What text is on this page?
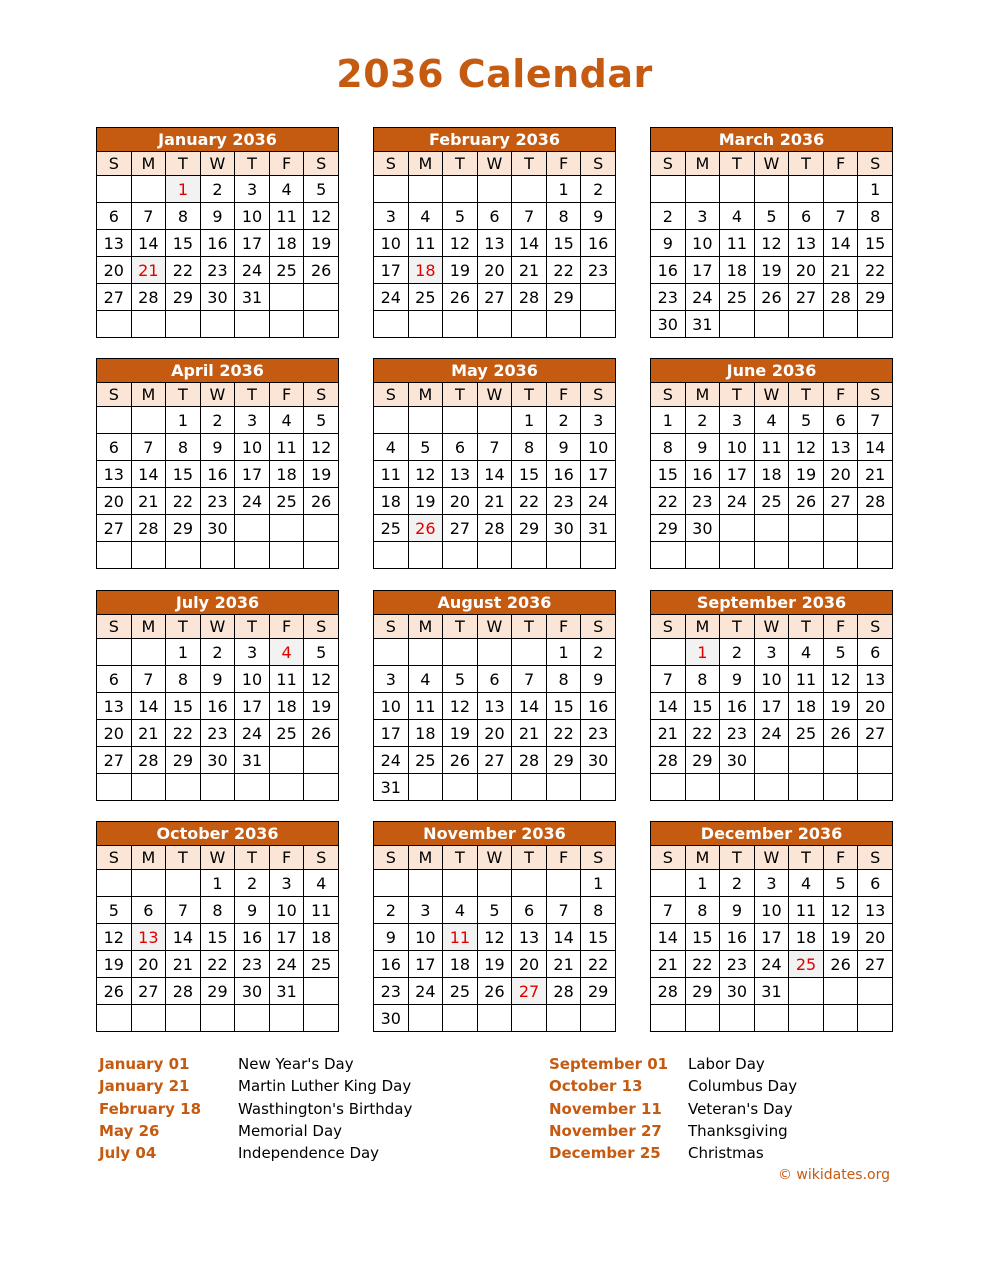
2036 Calendar
January 2036						
S	M	T	W	T	F	S
		1	2	3	4	5
6	7	8	9	10	11	12
13	14	15	16	17	18	19
20	21	22	23	24	25	26
27	28	29	30	31		

February 2036						
S	M	T	W	T	F	S
					1	2
3	4	5	6	7	8	9
10	11	12	13	14	15	16
17	18	19	20	21	22	23
24	25	26	27	28	29	

March 2036						
S	M	T	W	T	F	S
						1
2	3	4	5	6	7	8
9	10	11	12	13	14	15
16	17	18	19	20	21	22
23	24	25	26	27	28	29
30	31					
April 2036						
S	M	T	W	T	F	S
		1	2	3	4	5
6	7	8	9	10	11	12
13	14	15	16	17	18	19
20	21	22	23	24	25	26
27	28	29	30			

May 2036						
S	M	T	W	T	F	S
				1	2	3
4	5	6	7	8	9	10
11	12	13	14	15	16	17
18	19	20	21	22	23	24
25	26	27	28	29	30	31

June 2036						
S	M	T	W	T	F	S
1	2	3	4	5	6	7
8	9	10	11	12	13	14
15	16	17	18	19	20	21
22	23	24	25	26	27	28
29	30					

July 2036						
S	M	T	W	T	F	S
		1	2	3	4	5
6	7	8	9	10	11	12
13	14	15	16	17	18	19
20	21	22	23	24	25	26
27	28	29	30	31		

August 2036						
S	M	T	W	T	F	S
					1	2
3	4	5	6	7	8	9
10	11	12	13	14	15	16
17	18	19	20	21	22	23
24	25	26	27	28	29	30
31						
September 2036						
S	M	T	W	T	F	S
	1	2	3	4	5	6
7	8	9	10	11	12	13
14	15	16	17	18	19	20
21	22	23	24	25	26	27
28	29	30				

October 2036						
S	M	T	W	T	F	S
			1	2	3	4
5	6	7	8	9	10	11
12	13	14	15	16	17	18
19	20	21	22	23	24	25
26	27	28	29	30	31	

November 2036						
S	M	T	W	T	F	S
						1
2	3	4	5	6	7	8
9	10	11	12	13	14	15
16	17	18	19	20	21	22
23	24	25	26	27	28	29
30						
December 2036						
S	M	T	W	T	F	S
	1	2	3	4	5	6
7	8	9	10	11	12	13
14	15	16	17	18	19	20
21	22	23	24	25	26	27
28	29	30	31			

January 01	New Year's Day
January 21	Martin Luther King Day
February 18 Wasthington's Birthday
May 26	Memorial Day
July 04	Independence Day
September 01 Labor Day
October 13	Columbus Day
November 11 Veteran's Day
November 27 Thanksgiving
December 25 Christmas
© wikidates.org
